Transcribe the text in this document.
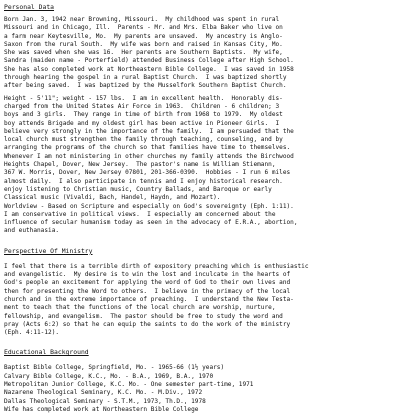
Personal Data
Born Jan. 3, 1942 near Browning, Missouri.  My childhood was spent in rural
Missouri and in Chicago, Ill.  Parents - Mr. and Mrs. Elba Baker who live on
a farm near Keytesville, Mo.  My parents are unsaved.  My ancestry is Anglo-
Saxon from the rural South.  My wife was born and raised in Kansas City, Mo.
She was saved when she was 16.  Her parents are Southern Baptists.  My wife,
Sandra (maiden name - Porterfield) attended Business College after High School.
She has also completed work at Northeastern Bible College.  I was saved in 1958
through hearing the gospel in a rural Baptist Church.  I was baptized shortly
after being saved.  I was baptized by the Musselfork Southern Baptist Church.
Height - 5'11"; weight - 157 lbs.  I am in excellent health.  Honorably dis-
charged from the United States Air Force in 1963.  Children - 6 children; 3
boys and 3 girls.  They range in time of birth from 1968 to 1979.  My oldest
boy attends Brigade and my oldest girl has been active in Pioneer Girls.  I
believe very strongly in the importance of the family.  I am persuaded that the
local church must strengthen the family through teaching, counseling, and by
arranging the programs of the church so that families have time to themselves.
Whenever I am not ministering in other churches my family attends the Birchwood
Heights Chapel, Dover, New Jersey.  The pastor's name is William Stiemann,
367 W. Morris, Dover, New Jersey 07801, 201-366-0390.  Hobbies - I run 6 miles
almost daily.  I also participate in tennis and I enjoy historical research.
enjoy listening to Christian music, Country Ballads, and Baroque or early
Classical music (Vivaldi, Bach, Handel, Haydn, and Mozart).
Worldview - Based on Scripture and especially on God's sovereignty (Eph. 1:11).
I am conservative in political views.  I especially am concerned about the
influence of secular humanism today as seen in the advocacy of E.R.A., abortion,
and euthanasia.
Perspective Of Ministry
I feel that there is a terrible dirth of expository preaching which is enthusiastic
and evangelistic.  My desire is to win the lost and inculcate in the hearts of
God's people an excitement for applying the word of God to their own lives and
then for presenting the Word to others.  I believe in the primacy of the local
church and in the extreme importance of preaching.  I understand the New Testa-
ment to teach that the functions of the local church are worship, nurture,
fellowship, and evangelism.  The pastor should be free to study the word and
pray (Acts 6:2) so that he can equip the saints to do the work of the ministry
(Eph. 4:11-12).
Educational Background
Baptist Bible College, Springfield, Mo. - 1965-66 (1½ years)
Calvary Bible College, K.C., Mo. - B.A., 1969, B.A., 1970
Metropolitan Junior College, K.C. Mo. - One semester part-time, 1971
Nazarene Theological Seminary, K.C. Mo. - M.Div., 1972
Dallas Theological Seminary - S.T.M., 1973, Th.D., 1978
Wife has completed work at Northeastern Bible College
